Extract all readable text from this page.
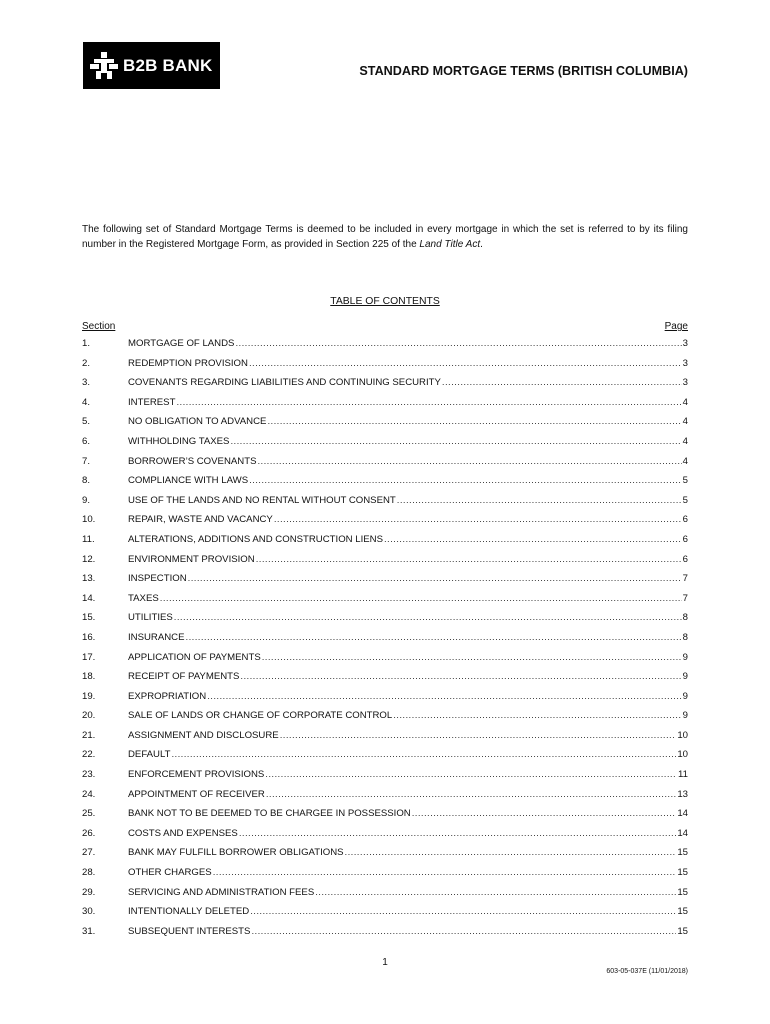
B2B BANK	STANDARD MORTGAGE TERMS (BRITISH COLUMBIA)
The following set of Standard Mortgage Terms is deemed to be included in every mortgage in which the set is referred to by its filing number in the Registered Mortgage Form, as provided in Section 225 of the Land Title Act.
TABLE OF CONTENTS
Section	Page
1.	MORTGAGE OF LANDS .....	3
2.	REDEMPTION PROVISION .....	3
3.	COVENANTS REGARDING LIABILITIES AND CONTINUING SECURITY .....	3
4.	INTEREST .....	4
5.	NO OBLIGATION TO ADVANCE .....	4
6.	WITHHOLDING TAXES .....	4
7.	BORROWER’S COVENANTS .....	4
8.	COMPLIANCE WITH LAWS .....	5
9.	USE OF THE LANDS AND NO RENTAL WITHOUT CONSENT .....	5
10.	REPAIR, WASTE AND VACANCY .....	6
11.	ALTERATIONS, ADDITIONS AND CONSTRUCTION LIENS .....	6
12.	ENVIRONMENT PROVISION .....	6
13.	INSPECTION .....	7
14.	TAXES .....	7
15.	UTILITIES .....	8
16.	INSURANCE .....	8
17.	APPLICATION OF PAYMENTS .....	9
18.	RECEIPT OF PAYMENTS .....	9
19.	EXPROPRIATION .....	9
20.	SALE OF LANDS OR CHANGE OF CORPORATE CONTROL .....	9
21.	ASSIGNMENT AND DISCLOSURE .....	10
22.	DEFAULT .....	10
23.	ENFORCEMENT PROVISIONS .....	11
24.	APPOINTMENT OF RECEIVER .....	13
25.	BANK NOT TO BE DEEMED TO BE CHARGEE IN POSSESSION .....	14
26.	COSTS AND EXPENSES .....	14
27.	BANK MAY FULFILL BORROWER OBLIGATIONS .....	15
28.	OTHER CHARGES .....	15
29.	SERVICING AND ADMINISTRATION FEES .....	15
30.	INTENTIONALLY DELETED .....	15
31.	SUBSEQUENT INTERESTS .....	15
1
603-05-037E (11/01/2018)
